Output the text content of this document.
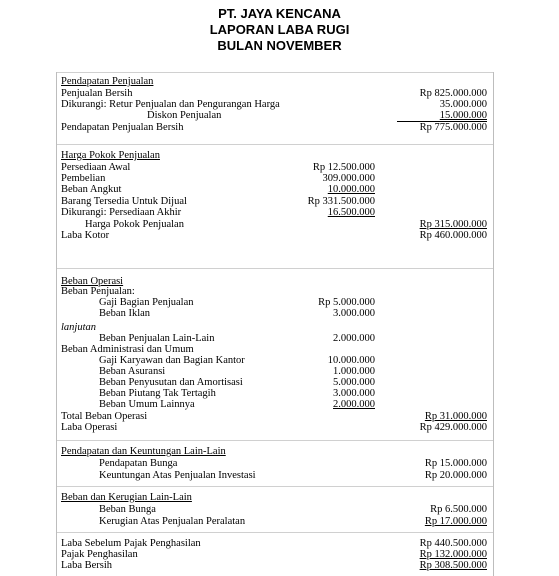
PT. JAYA KENCANA
LAPORAN LABA RUGI
BULAN NOVEMBER
Pendapatan Penjualan
Penjualan Bersih	Rp 825.000.000
Dikurangi: Retur Penjualan dan Pengurangan Harga	35.000.000
Diskon Penjualan	15.000.000
Pendapatan Penjualan Bersih	Rp 775.000.000
Harga Pokok Penjualan
Persediaan Awal	Rp 12.500.000
Pembelian	309.000.000
Beban Angkut	10.000.000
Barang Tersedia Untuk Dijual	Rp 331.500.000
Dikurangi: Persediaan Akhir	16.500.000
Harga Pokok Penjualan	Rp 315.000.000
Laba Kotor	Rp 460.000.000
Beban Operasi
Beban Penjualan:
Gaji Bagian Penjualan	Rp 5.000.000
Beban Iklan	3.000.000
lanjutan
Beban Penjualan Lain-Lain	2.000.000
Beban Administrasi dan Umum
Gaji Karyawan dan Bagian Kantor	10.000.000
Beban Asuransi	1.000.000
Beban Penyusutan dan Amortisasi	5.000.000
Beban Piutang Tak Tertagih	3.000.000
Beban Umum Lainnya	2.000.000
Total Beban Operasi	Rp 31.000.000
Laba Operasi	Rp 429.000.000
Pendapatan dan Keuntungan Lain-Lain
Pendapatan Bunga	Rp 15.000.000
Keuntungan Atas Penjualan Investasi	Rp 20.000.000
Beban dan Kerugian Lain-Lain
Beban Bunga	Rp 6.500.000
Kerugian Atas Penjualan Peralatan	Rp 17.000.000
Laba Sebelum Pajak Penghasilan	Rp 440.500.000
Pajak Penghasilan	Rp 132.000.000
Laba Bersih	Rp 308.500.000
